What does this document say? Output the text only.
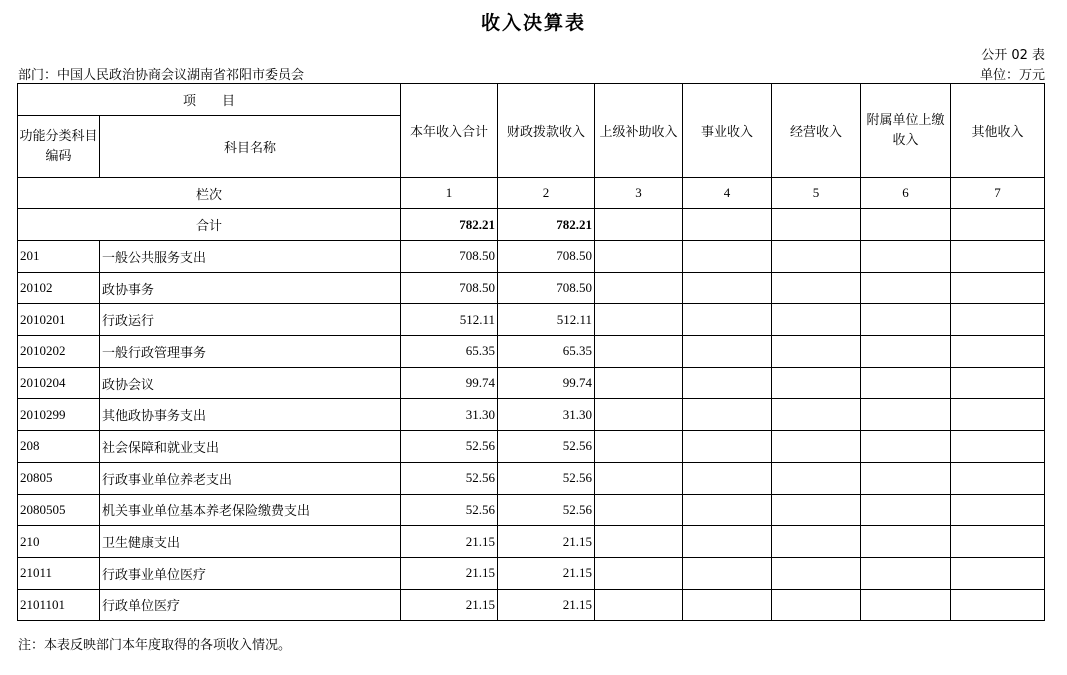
收入决算表
公开 02 表
部门：中国人民政治协商会议湖南省祁阳市委员会	单位：万元
项　　目		本年收入合计	财政拨款收入	上级补助收入	事业收入	经营收入	附属单位上缴收入	其他收入
功能分类科目编码	科目名称							
栏次		1	2	3	4	5	6	7
合计		782.21	782.21					
201	一般公共服务支出	708.50	708.50					
20102	政协事务	708.50	708.50					
2010201	行政运行	512.11	512.11					
2010202	一般行政管理事务	65.35	65.35					
2010204	政协会议	99.74	99.74					
2010299	其他政协事务支出	31.30	31.30					
208	社会保障和就业支出	52.56	52.56					
20805	行政事业单位养老支出	52.56	52.56					
2080505	机关事业单位基本养老保险缴费支出	52.56	52.56					
210	卫生健康支出	21.15	21.15					
21011	行政事业单位医疗	21.15	21.15					
2101101	行政单位医疗	21.15	21.15					
注：本表反映部门本年度取得的各项收入情况。
